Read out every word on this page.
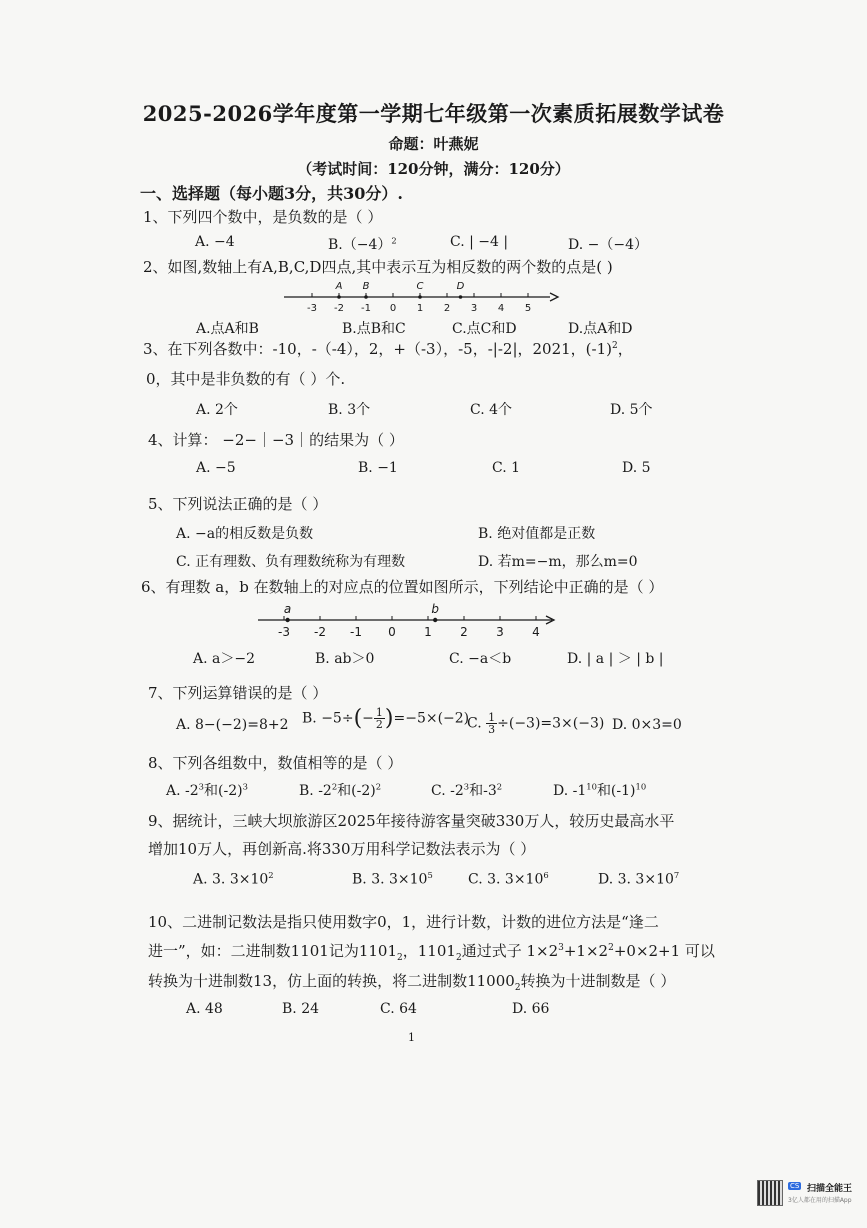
2025-2026学年度第一学期七年级第一次素质拓展数学试卷
命题：叶燕妮
（考试时间：120分钟，满分：120分）
一、选择题（每小题3分，共30分）.
1、下列四个数中，是负数的是（ ）
A. −4	$B.(-4)^2$	C. | −4 |	D. −（−4）
2、如图,数轴上有A,B,C,D四点,其中表示互为相反数的两个数的点是( )
-3 -2 -1 0 1 2 3 4 5
A B	C	D
A.点A和B	B.点B和C	C.点C和D	D.点A和D
3、在下列各数中：-10，-（-4），2，+（-3），-5，-|-2|，2021，$(-1)^2$，
0，其中是非负数的有（ ）个.
A. 2个	B. 3个	C. 4个	D. 5个
4、计算： −2−｜−3｜的结果为（ ）
A. −5	B. −1	C. 1	D. 5
5、下列说法正确的是（ ）
A. −a的相反数是负数	B. 绝对值都是正数
C. 正有理数、负有理数统称为有理数	D. 若m=−m，那么m=0
6、有理数 a，b 在数轴上的对应点的位置如图所示，下列结论中正确的是（ ）
-3 -2 -1 0 1 2 3 4
a	b
A. a＞−2	B. ab＞0	C. −a＜b	D. | a | ＞ | b |
7、下列运算错误的是（ ）
A. 8−(−2)=8+2 B. $-5\div(- \frac{1}{2} )=-5\times(-2)$
C. $\frac{1}{3} \div(-3)=3\times(-3)$ D. 0×3=0
8、下列各组数中，数值相等的是（ ）
A. $-2^3$和$(-2)^3$	B. $-2^2$和$(-2)^2$	C. $-2^3$和$-3^2$	D. $-1^{10}$和$(-1)^{10}$
9、据统计，三峡大坝旅游区2025年接待游客量突破330万人，较历史最高水平
增加10万人，再创新高.将330万用科学记数法表示为（ ）
A. 3. $3\times 10^2$	B. 3. $3\times 10^5$	C. 3. $3\times 10^6$	D. 3. $3\times 10^7$
10、二进制记数法是指只使用数字0，1，进行计数，计数的进位方法是“逢二
进一”，如：二进制数1101记为$1101_2$，$1101_2$通过式子 $1\times 2^3+1\times 2^2+0\times 2+1$ 可以
转换为十进制数13，仿上面的转换，将二进制数$11000_2$转换为十进制数是（ ）
A. 48	B. 24	C. 64	D. 66
1
CS 扫描全能王
3亿人都在用的扫描App
